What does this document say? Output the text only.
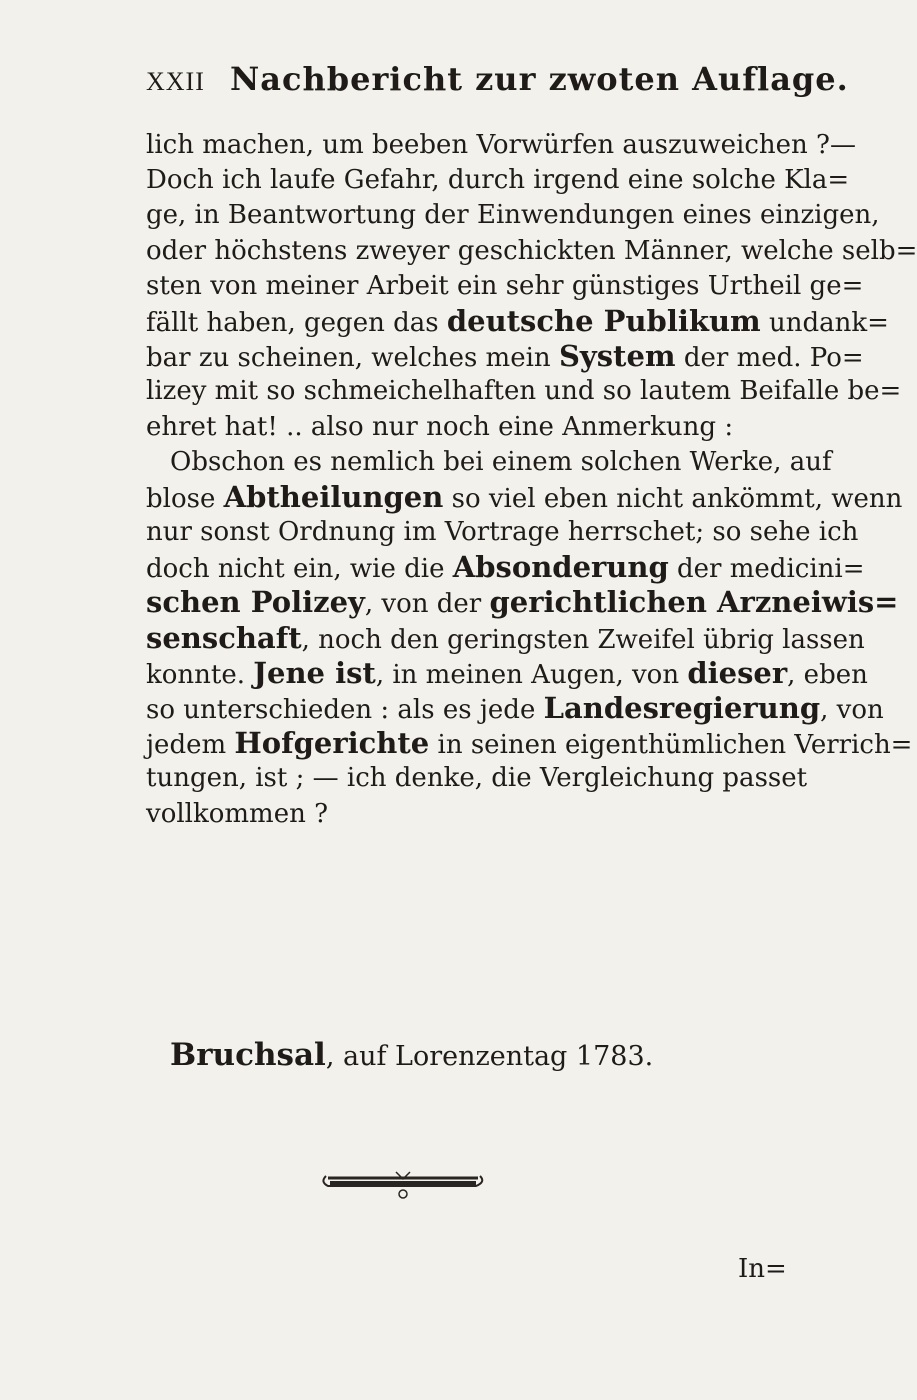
XXII Nachbericht zur zwoten Auflage.
lich machen, um beeben Vorwürfen auszuweichen ?—
Doch ich laufe Gefahr, durch irgend eine solche Kla=
ge, in Beantwortung der Einwendungen eines einzigen,
oder höchstens zweyer geschickten Männer, welche selb=
sten von meiner Arbeit ein sehr günstiges Urtheil ge=
fällt haben, gegen das deutsche Publikum undank=
bar zu scheinen, welches mein System der med. Po=
lizey mit so schmeichelhaften und so lautem Beifalle be=
ehret hat! .. also nur noch eine Anmerkung :
Obschon es nemlich bei einem solchen Werke, auf
blose Abtheilungen so viel eben nicht ankömmt, wenn
nur sonst Ordnung im Vortrage herrschet; so sehe ich
doch nicht ein, wie die Absonderung der medicini=
schen Polizey, von der gerichtlichen Arzneiwis=
senschaft, noch den geringsten Zweifel übrig lassen
konnte. Jene ist, in meinen Augen, von dieser, eben
so unterschieden : als es jede Landesregierung, von
jedem Hofgerichte in seinen eigenthümlichen Verrich=
tungen, ist ; — ich denke, die Vergleichung passet
vollkommen ?
Bruchsal, auf Lorenzentag 1783.
In=
